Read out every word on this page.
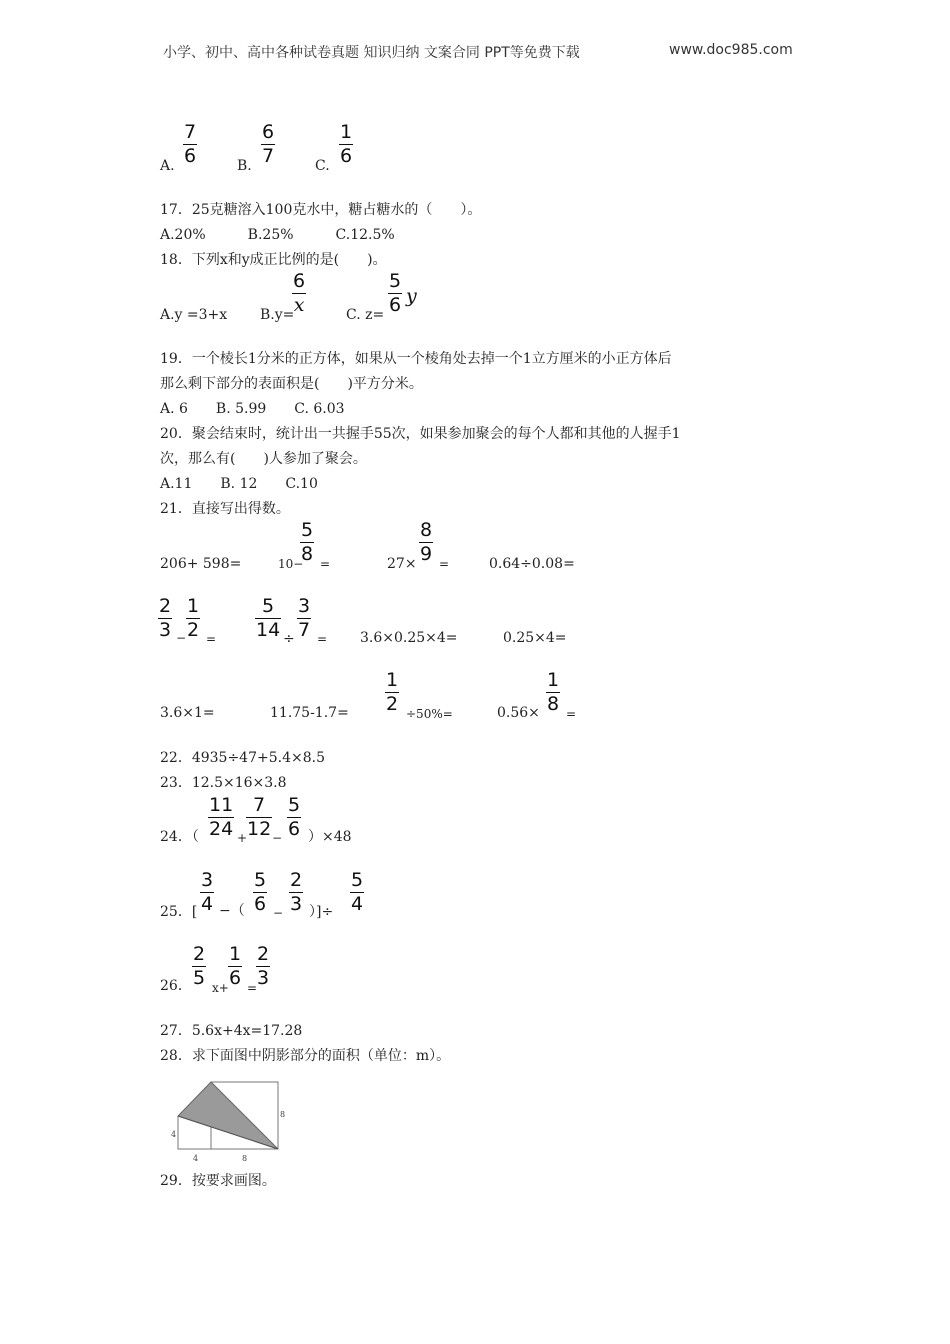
小学、初中、高中各种试卷真题 知识归纳 文案合同 PPT等免费下载	www.doc985.com
A.
7
6	B.
6
7	C.
1
6
17．25克糖溶入100克水中，糖占糖水的（　　）。
A.20%　　　B.25%　　　C.12.5%
18．下列x和y成正比例的是(　　)。
A.y =3+x B.y=
6
x	C. z=
5
6 y
19．一个棱长1分米的正方体，如果从一个棱角处去掉一个1立方厘米的小正方体后
那么剩下部分的表面积是(　　)平方分米。
A. 6　　B. 5.99　　C. 6.03
20．聚会结束时，统计出一共握手55次，如果参加聚会的每个人都和其他的人握手1
次，那么有(　　)人参加了聚会。
A.11　　B. 12　　C.10
21．直接写出得数。
206+ 598=	10−
5
8 =	27×
8
9 =	0.64÷0.08=
2
3 −
1
2 =
5
14 ÷
3
7 = 3.6×0.25×4=	0.25×4=
3.6×1=	11.75-1.7=
1
2 ÷50%=	0.56×
1
8 =
22．4935÷47+5.4×8.5
23．12.5×16×3.8
24．（
11
24 +
7
12 −
5
6 ）×48
25．[
3
4 −（
5
6 −
2
3 ）]÷
5
4
26．
2
5 x+
1
6 =
2
3
27．5.6x+4x=17.28
28．求下面图中阴影部分的面积（单位：m）。
4
4	8
8
29．按要求画图。
